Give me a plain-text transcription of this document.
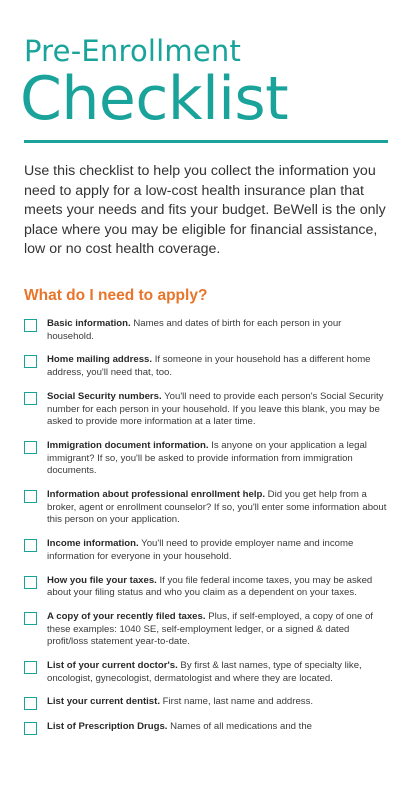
Pre-Enrollment
Checklist

Use this checklist to help you collect the information you need to apply for a low-cost health insurance plan that meets your needs and fits your budget. BeWell is the only place where you may be eligible for financial assistance, low or no cost health coverage.

What do I need to apply?
Basic information. Names and dates of birth for each person in your household.
Home mailing address. If someone in your household has a different home address, you'll need that, too.
Social Security numbers. You'll need to provide each person's Social Security number for each person in your household. If you leave this blank, you may be asked to provide more information at a later time.
Immigration document information. Is anyone on your application a legal immigrant? If so, you'll be asked to provide information from immigration documents.
Information about professional enrollment help. Did you get help from a broker, agent or enrollment counselor? If so, you'll enter some information about this person on your application.
Income information. You'll need to provide employer name and income information for everyone in your household.
How you file your taxes. If you file federal income taxes, you may be asked about your filing status and who you claim as a dependent on your taxes.
A copy of your recently filed taxes. Plus, if self-employed, a copy of one of these examples: 1040 SE, self-employment ledger, or a signed & dated profit/loss statement year-to-date.
List of your current doctor's. By first & last names, type of specialty like, oncologist, gynecologist, dermatologist and where they are located.
List your current dentist. First name, last name and address.
List of Prescription Drugs. Names of all medications and the
